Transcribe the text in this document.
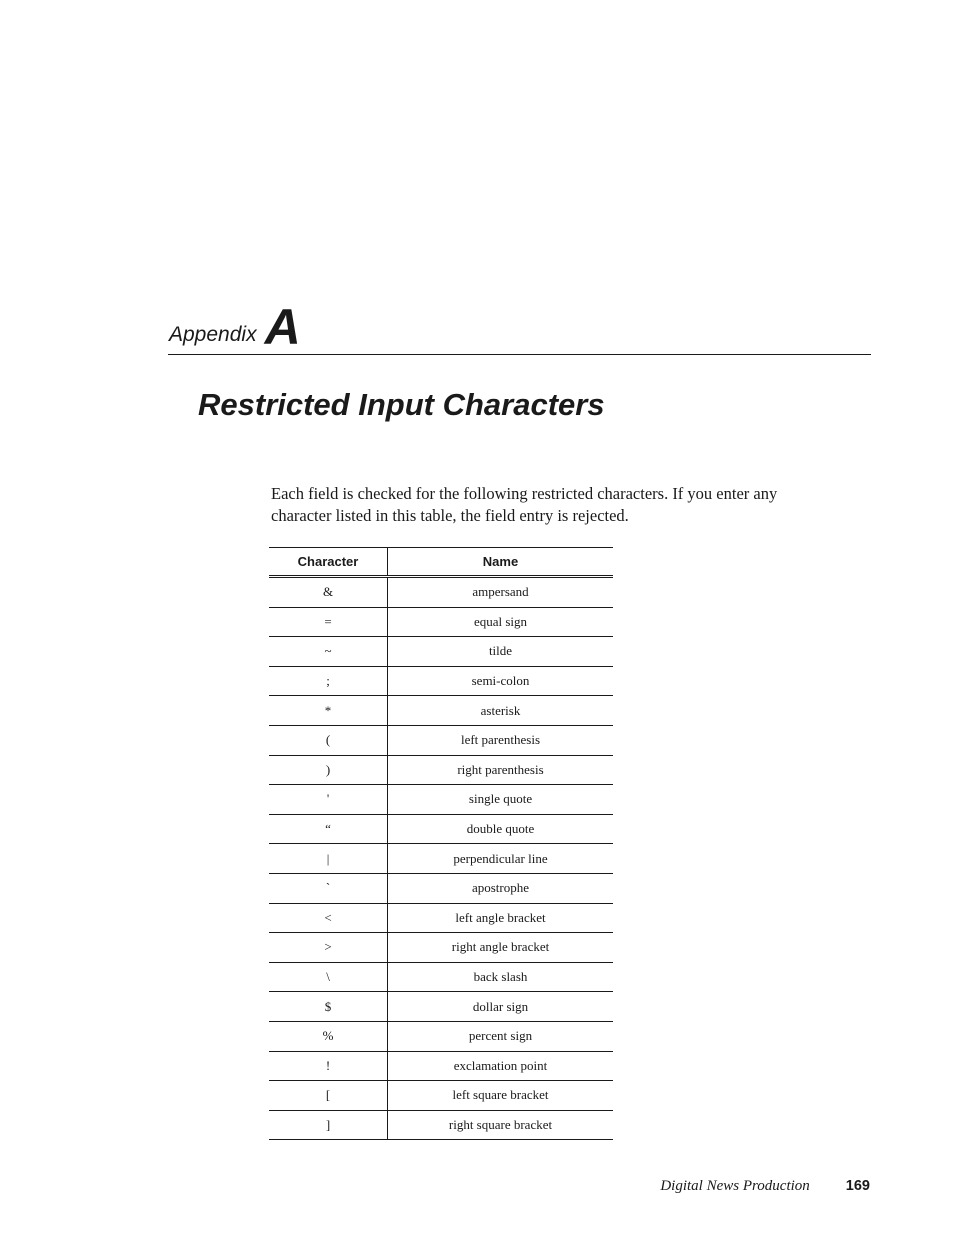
Appendix A
Restricted Input Characters

Each field is checked for the following restricted characters. If you enter any character listed in this table, the field entry is rejected.

Character	Name
&	ampersand
=	equal sign
~	tilde
;	semi-colon
*	asterisk
(	left parenthesis
)	right parenthesis
'	single quote
“	double quote
|	perpendicular line
`	apostrophe
<	left angle bracket
>	right angle bracket
\	back slash
$	dollar sign
%	percent sign
!	exclamation point
[	left square bracket
]	right square bracket
Digital News Production 169
